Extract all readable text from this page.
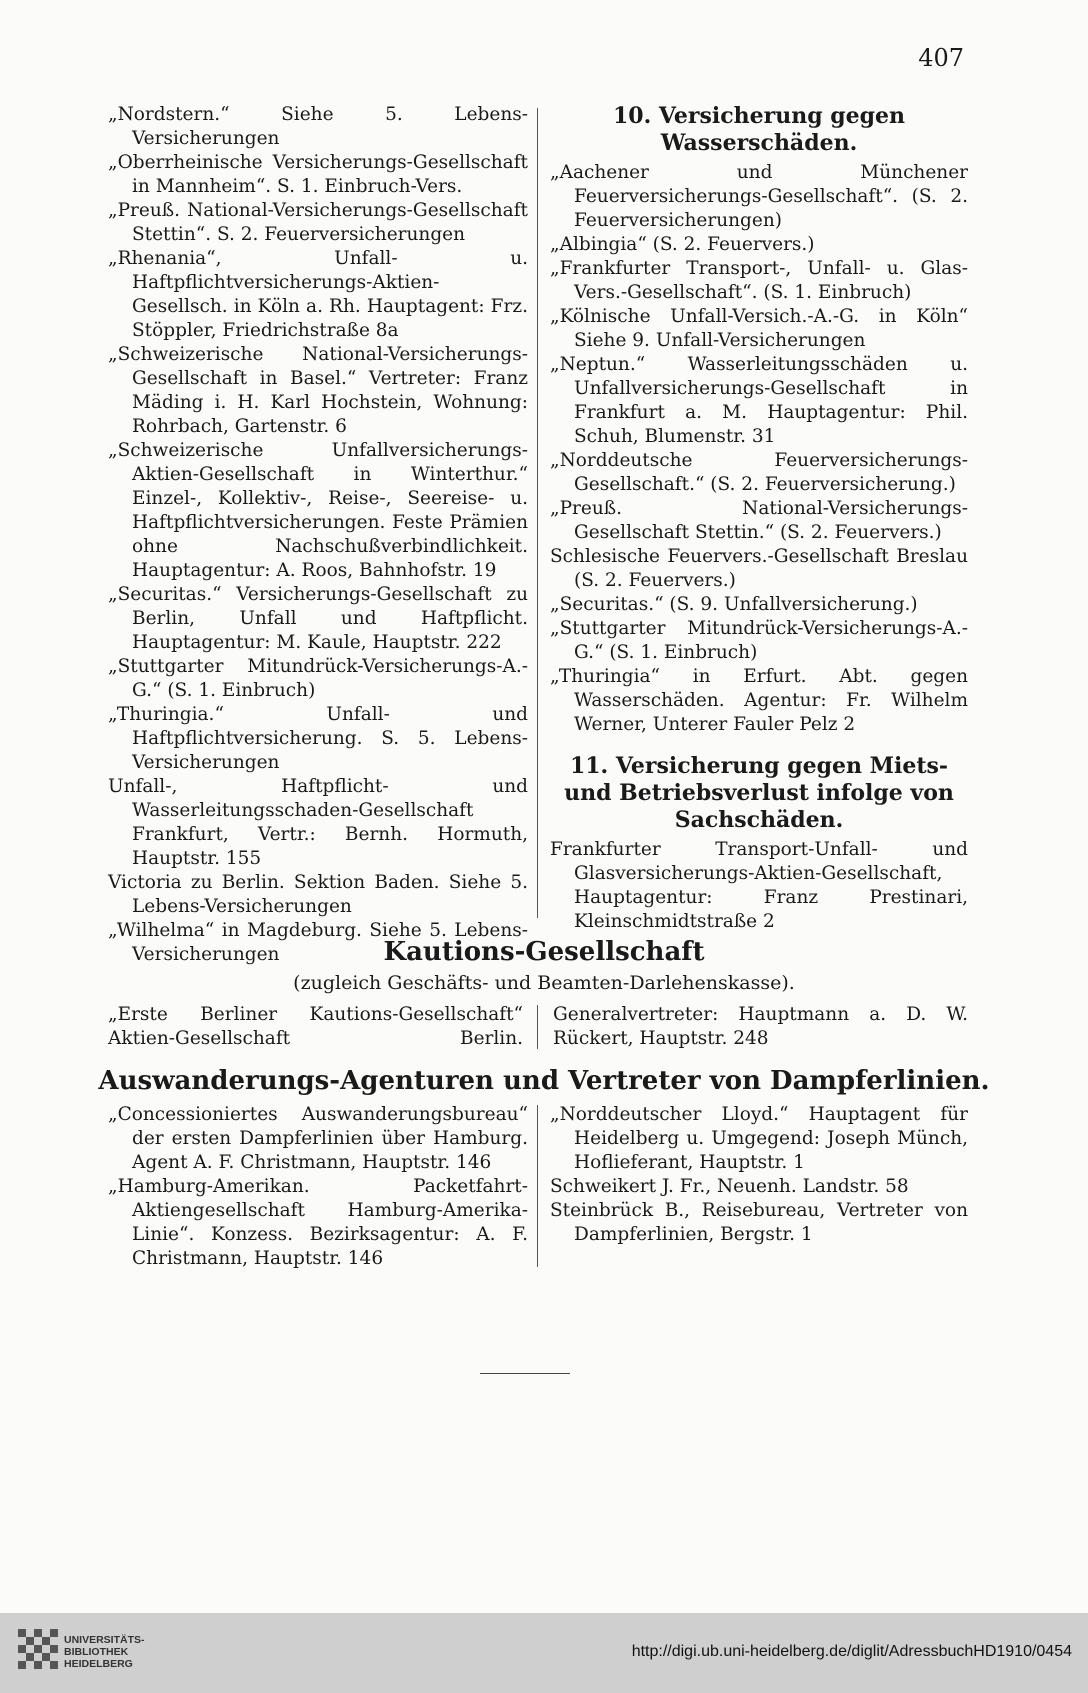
407

„Nordstern.“ Siehe 5. Lebens-Versicherungen

„Oberrheinische Versicherungs-Gesellschaft in Mannheim“. S. 1. Einbruch-Vers.

„Preuß. National-Versicherungs-Gesellschaft Stettin“. S. 2. Feuerversicherungen

„Rhenania“, Unfall- u. Haftpflichtversicherungs-Aktien-Gesellsch. in Köln a. Rh. Hauptagent: Frz. Stöppler, Friedrichstraße 8a

„Schweizerische National-Versicherungs-Gesellschaft in Basel.“ Vertreter: Franz Mäding i. H. Karl Hochstein, Wohnung: Rohrbach, Gartenstr. 6

„Schweizerische Unfallversicherungs-Aktien-Gesellschaft in Winterthur.“ Einzel-, Kollektiv-, Reise-, Seereise- u. Haftpflichtversicherungen. Feste Prämien ohne Nachschußverbindlichkeit. Hauptagentur: A. Roos, Bahnhofstr. 19

„Securitas.“ Versicherungs-Gesellschaft zu Berlin, Unfall und Haftpflicht. Hauptagentur: M. Kaule, Hauptstr. 222

„Stuttgarter Mitundrück-Versicherungs-A.-G.“ (S. 1. Einbruch)

„Thuringia.“ Unfall- und Haftpflichtversicherung. S. 5. Lebens-Versicherungen

Unfall-, Haftpflicht- und Wasserleitungsschaden-Gesellschaft Frankfurt, Vertr.: Bernh. Hormuth, Hauptstr. 155

Victoria zu Berlin. Sektion Baden. Siehe 5. Lebens-Versicherungen

„Wilhelma“ in Magdeburg. Siehe 5. Lebens-Versicherungen

10. Versicherung gegen Wasserschäden.

„Aachener und Münchener Feuerversicherungs-Gesellschaft“. (S. 2. Feuerversicherungen)

„Albingia“ (S. 2. Feuervers.)

„Frankfurter Transport-, Unfall- u. Glas-Vers.-Gesellschaft“. (S. 1. Einbruch)

„Kölnische Unfall-Versich.-A.-G. in Köln“ Siehe 9. Unfall-Versicherungen

„Neptun.“ Wasserleitungsschäden u. Unfallversicherungs-Gesellschaft in Frankfurt a. M. Hauptagentur: Phil. Schuh, Blumenstr. 31

„Norddeutsche Feuerversicherungs-Gesellschaft.“ (S. 2. Feuerversicherung.)

„Preuß. National-Versicherungs-Gesellschaft Stettin.“ (S. 2. Feuervers.)

Schlesische Feuervers.-Gesellschaft Breslau (S. 2. Feuervers.)

„Securitas.“ (S. 9. Unfallversicherung.)

„Stuttgarter Mitundrück-Versicherungs-A.-G.“ (S. 1. Einbruch)

„Thuringia“ in Erfurt. Abt. gegen Wasserschäden. Agentur: Fr. Wilhelm Werner, Unterer Fauler Pelz 2

11. Versicherung gegen Miets- und Betriebsverlust infolge von Sachschäden.

Frankfurter Transport-Unfall- und Glasversicherungs-Aktien-Gesellschaft, Hauptagentur: Franz Prestinari, Kleinschmidtstraße 2

Kautions-Gesellschaft
(zugleich Geschäfts- und Beamten-Darlehenskasse).

„Erste Berliner Kautions-Gesellschaft“ Aktien-Gesellschaft Berlin. Generalvertreter: Hauptmann a. D. W. Rückert, Hauptstr. 248

Auswanderungs-Agenturen und Vertreter von Dampferlinien.

„Concessioniertes Auswanderungsbureau“ der ersten Dampferlinien über Hamburg. Agent A. F. Christmann, Hauptstr. 146

„Hamburg-Amerikan. Packetfahrt-Aktiengesellschaft Hamburg-Amerika-Linie“. Konzess. Bezirksagentur: A. F. Christmann, Hauptstr. 146

„Norddeutscher Lloyd.“ Hauptagent für Heidelberg u. Umgegend: Joseph Münch, Hoflieferant, Hauptstr. 1

Schweikert J. Fr., Neuenh. Landstr. 58

Steinbrück B., Reisebureau, Vertreter von Dampferlinien, Bergstr. 1

UNIVERSITÄTS-
BIBLIOTHEK
HEIDELBERG
http://digi.ub.uni-heidelberg.de/diglit/AdressbuchHD1910/0454
